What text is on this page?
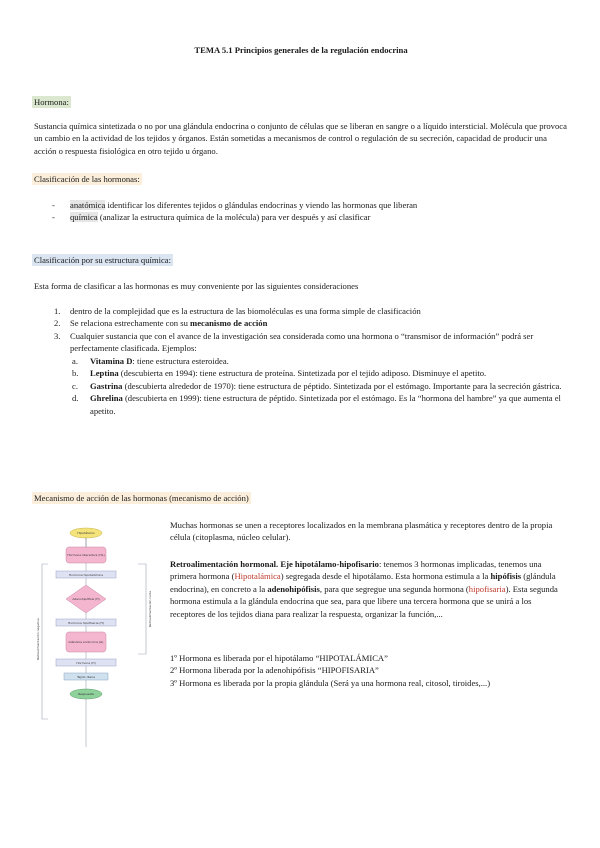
TEMA 5.1 Principios generales de la regulación endocrina
Hormona:

Sustancia química sintetizada o no por una glándula endocrina o conjunto de células que se liberan en sangre o a líquido intersticial. Molécula que provoca un cambio en la actividad de los tejidos y órganos. Están sometidas a mecanismos de control o regulación de su secreción, capacidad de producir una acción o respuesta fisiológica en otro tejido u órgano.

Clasificación de las hormonas:
- anatómica identificar los diferentes tejidos o glándulas endocrinas y viendo las hormonas que liberan
- química (analizar la estructura química de la molécula) para ver después y así clasificar
Clasificación por su estructura química:

Esta forma de clasificar a las hormonas es muy conveniente por las siguientes consideraciones

1. dentro de la complejidad que es la estructura de las biomoléculas es una forma simple de clasificación
2. Se relaciona estrechamente con su mecanismo de acción
3. Cualquier sustancia que con el avance de la investigación sea considerada como una hormona o “transmisor de información” podrá ser perfectamente clasificada. Ejemplos:
a. Vitamina D: tiene estructura esteroidea.
b. Leptina (descubierta en 1994): tiene estructura de proteína. Sintetizada por el tejido adiposo. Disminuye el apetito.
c. Gastrina (descubierta alrededor de 1970): tiene estructura de péptido. Sintetizada por el estómago. Importante para la secreción gástrica.
d. Ghrelina (descubierta en 1999): tiene estructura de péptido. Sintetizada por el estómago. Es la “hormona del hambre” ya que aumenta el apetito.
Mecanismo de acción de las hormonas (mecanismo de acción)

Muchas hormonas se unen a receptores localizados en la membrana plasmática y receptores dentro de la propia célula (citoplasma, núcleo celular).

Retroalimentación hormonal. Eje hipotálamo-hipofisario: tenemos 3 hormonas implicadas, tenemos una primera hormona (Hipotalámica) segregada desde el hipotálamo. Esta hormona estimula a la hipófisis (glándula endocrina), en concreto a la adenohipófisis, para que segregue una segunda hormona (hipofisaria). Esta segunda hormona estimula a la glándula endocrina que sea, para que libere una tercera hormona que se unirá a los receptores de los tejidos diana para realizar la respuesta, organizar la función,...

1º Hormona es liberada por el hipotálamo “HIPOTALÁMICA”

2º Hormona liberada por la adenohipófisis “HIPOFISARIA”

3º Hormona es liberada por la propia glándula (Será ya una hormona real, citosol, tiroides,...)

Hipotálamo
Hormona liberadora (HL)
Hormona hipotalámica
Adenohipófisis (H)
Hormona hipofisaria (H)
Glándula endocrina (G)
Hormona (H)
Tejido diana
Respuesta
Retroalimentación negativa
Retroalimentación corta
